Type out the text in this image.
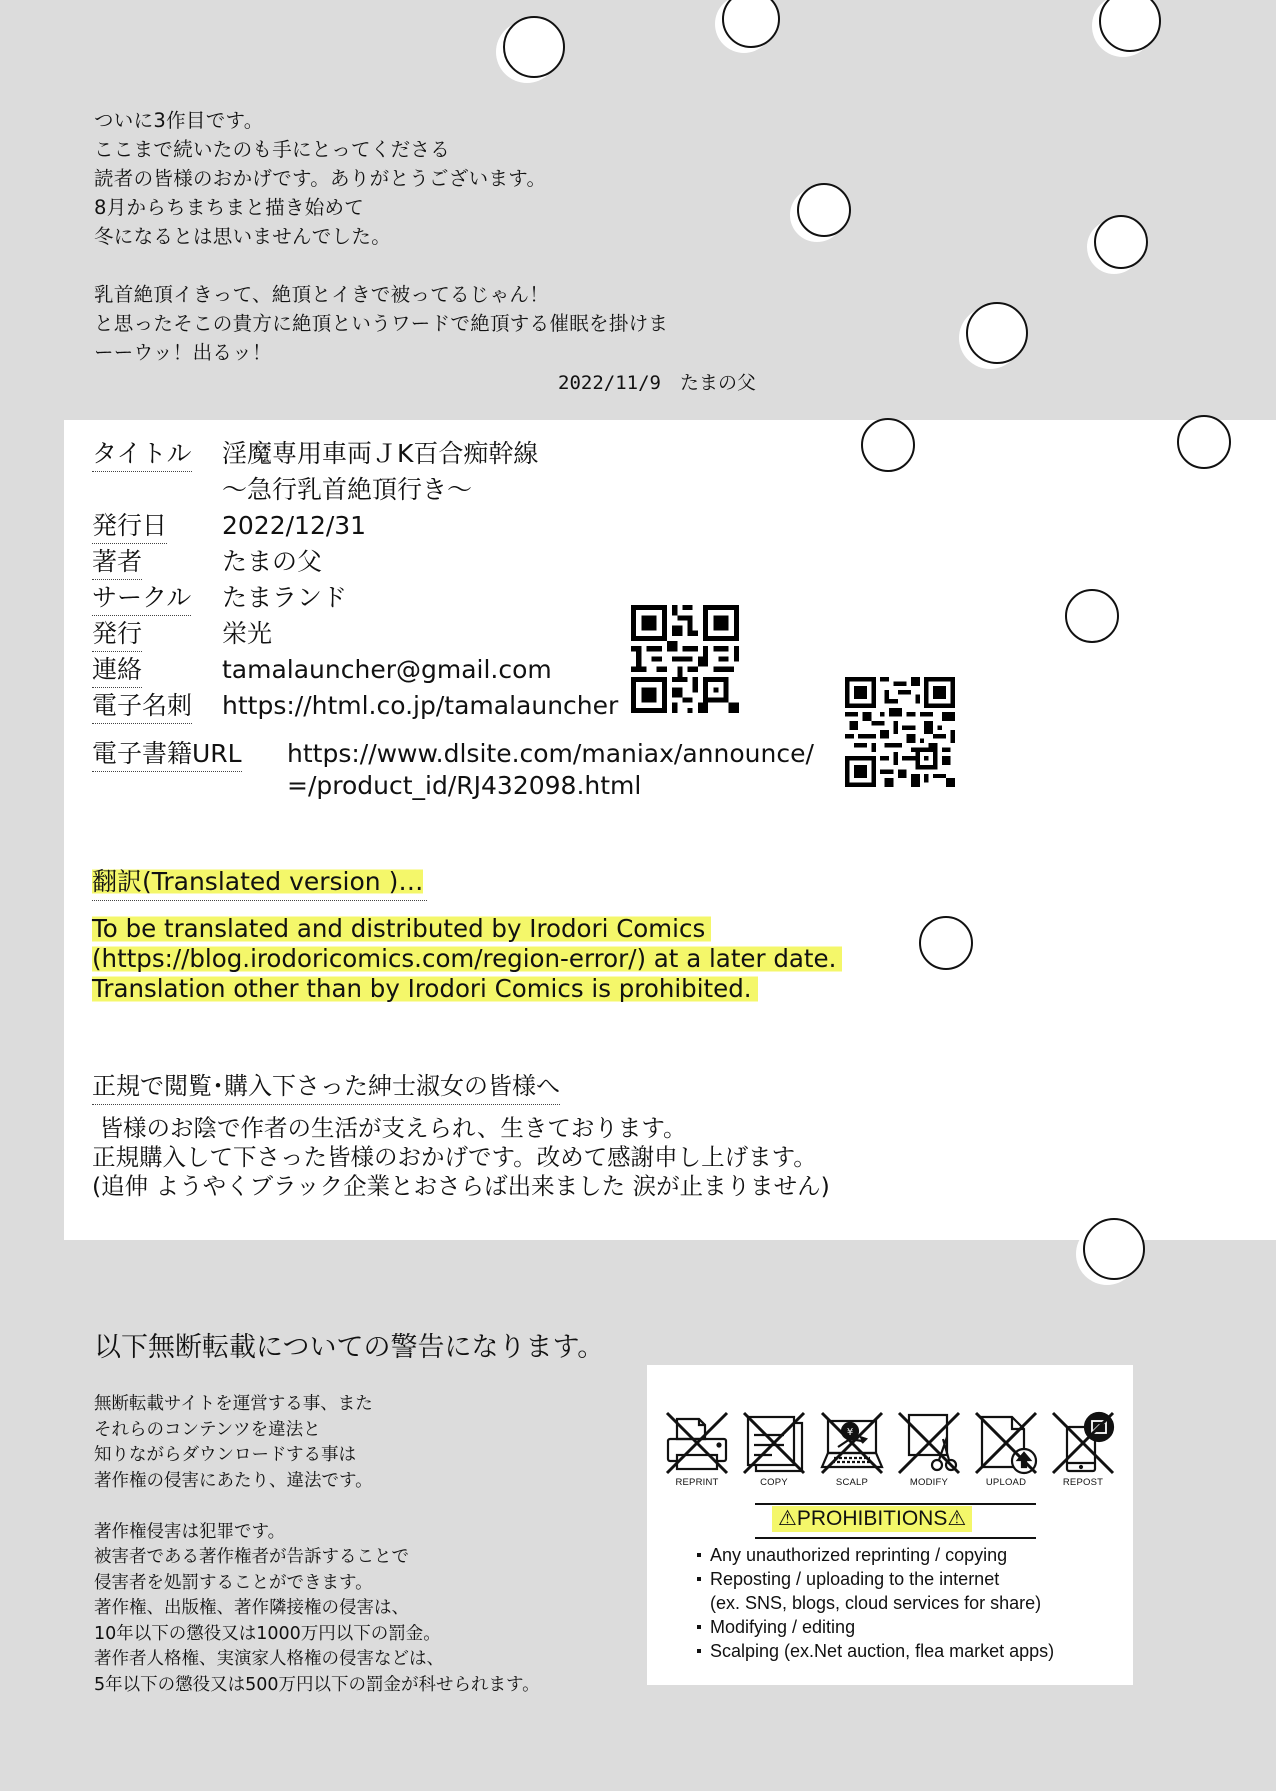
ついに3作目です。

ここまで続いたのも手にとってくださる

読者の皆様のおかげです。ありがとうございます。

8月からちまちまと描き始めて

冬になるとは思いませんでした。

乳首絶頂イきって、絶頂とイきで被ってるじゃん！

と思ったそこの貴方に絶頂というワードで絶頂する催眠を掛けま

ーーウッ！出るッ！

2022/11/9　たまの父
タイトル 淫魔専用車両ＪK百合痴幹線
～急行乳首絶頂行き～
発行日 2022/12/31
著者	たまの父
サークル たまランド
発行	栄光
連絡	tamalauncher@gmail.com
電子名刺 https://html.co.jp/tamalauncher
電子書籍URL https://www.dlsite.com/maniax/announce/
=/product_id/RJ432098.html
翻訳(Translated version )…
To be translated and distributed by Irodori Comics
(https://blog.irodoricomics.com/region-error/) at a later date.
Translation other than by Irodori Comics is prohibited.
正規で閲覧･購入下さった紳士淑女の皆様へ
皆様のお陰で作者の生活が支えられ、生きております。
正規購入して下さった皆様のおかげです。改めて感謝申し上げます。
(追伸 ようやくブラック企業とおさらば出来ました 涙が止まりません)
以下無断転載についての警告になります。
無断転載サイトを運営する事、また
それらのコンテンツを違法と
知りながらダウンロードする事は
著作権の侵害にあたり、違法です。
著作権侵害は犯罪です。
被害者である著作権者が告訴することで
侵害者を処罰することができます。
著作権、出版権、著作隣接権の侵害は、
10年以下の懲役又は1000万円以下の罰金。
著作者人格権、実演家人格権の侵害などは、
5年以下の懲役又は500万円以下の罰金が科せられます。
REPRINT	COPY
¥
SCALP	MODIFY	UPLOAD	REPOST
⚠PROHIBITIONS⚠
Any unauthorized reprinting / copying
Reposting / uploading to the internet
(ex. SNS, blogs, cloud services for share)
Modifying / editing
Scalping (ex.Net auction, flea market apps)
